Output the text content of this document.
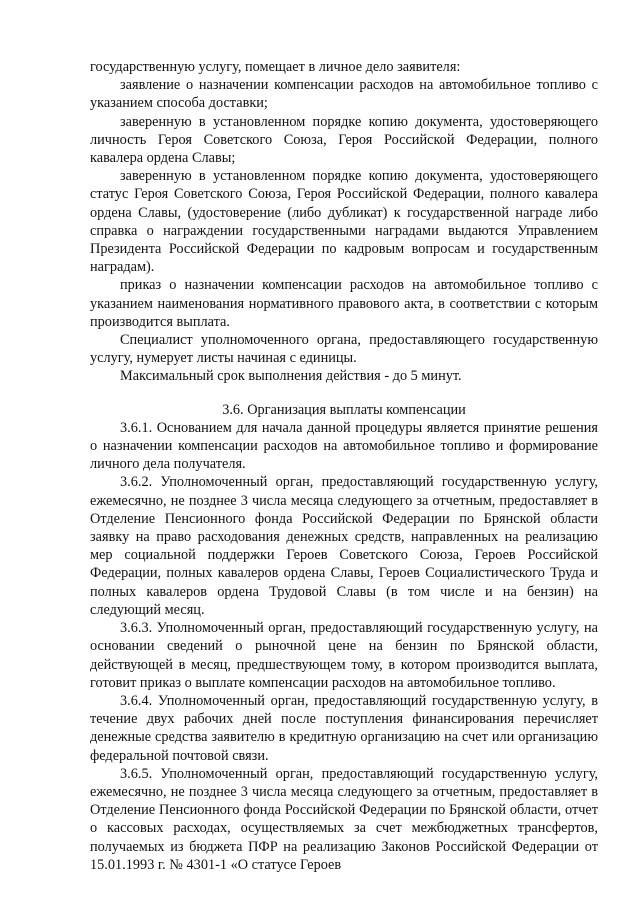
государственную услугу, помещает в личное дело заявителя:

заявление о назначении компенсации расходов на автомобильное топливо с указанием способа доставки;

заверенную в установленном порядке копию документа, удостоверяющего личность Героя Советского Союза, Героя Российской Федерации, полного кавалера ордена Славы;

заверенную в установленном порядке копию документа, удостоверяющего статус Героя Советского Союза, Героя Российской Федерации, полного кавалера ордена Славы, (удостоверение (либо дубликат) к государственной награде либо справка о награждении государственными наградами выдаются Управлением Президента Российской Федерации по кадровым вопросам и государственным наградам).

приказ о назначении компенсации расходов на автомобильное топливо с указанием наименования нормативного правового акта, в соответствии с которым производится выплата.

Специалист уполномоченного органа, предоставляющего государственную услугу, нумерует листы начиная с единицы.

Максимальный срок выполнения действия - до 5 минут.

3.6. Организация выплаты компенсации

3.6.1. Основанием для начала данной процедуры является принятие решения о назначении компенсации расходов на автомобильное топливо и формирование личного дела получателя.

3.6.2. Уполномоченный орган, предоставляющий государственную услугу, ежемесячно, не позднее 3 числа месяца следующего за отчетным, предоставляет в Отделение Пенсионного фонда Российской Федерации по Брянской области заявку на право расходования денежных средств, направленных на реализацию мер социальной поддержки Героев Советского Союза, Героев Российской Федерации, полных кавалеров ордена Славы, Героев Социалистического Труда и полных кавалеров ордена Трудовой Славы (в том числе и на бензин) на следующий месяц.

3.6.3. Уполномоченный орган, предоставляющий государственную услугу, на основании сведений о рыночной цене на бензин по Брянской области, действующей в месяц, предшествующем тому, в котором производится выплата, готовит приказ о выплате компенсации расходов на автомобильное топливо.

3.6.4. Уполномоченный орган, предоставляющий государственную услугу, в течение двух рабочих дней после поступления финансирования перечисляет денежные средства заявителю в кредитную организацию на счет или организацию федеральной почтовой связи.

3.6.5. Уполномоченный орган, предоставляющий государственную услугу, ежемесячно, не позднее 3 числа месяца следующего за отчетным, предоставляет в Отделение Пенсионного фонда Российской Федерации по Брянской области, отчет о кассовых расходах, осуществляемых за счет межбюджетных трансфертов, получаемых из бюджета ПФР на реализацию Законов Российской Федерации от 15.01.1993 г. № 4301-1 «О статусе Героев
